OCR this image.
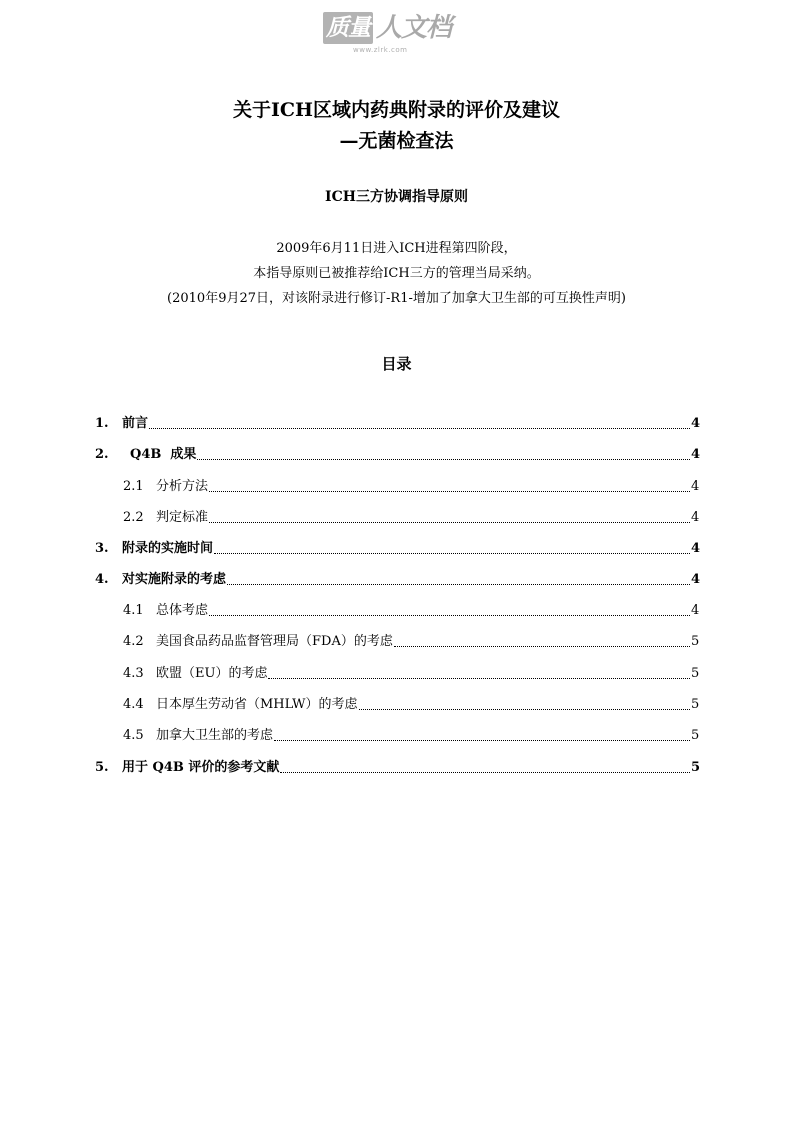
质量 人文档
www.zlrk.com
关于ICH区域内药典附录的评价及建议
—无菌检查法
ICH三方协调指导原则
2009年6月11日进入ICH进程第四阶段，
本指导原则已被推荐给ICH三方的管理当局采纳。
(2010年9月27日，对该附录进行修订-R1-增加了加拿大卫生部的可互换性声明)
目录
1.	前言	4
2.	Q4B  成果	4
2.1 分析方法	4
2.2 判定标准	4
3.	附录的实施时间	4
4.	对实施附录的考虑	4
4.1 总体考虑	4
4.2 美国食品药品监督管理局（FDA）的考虑	5
4.3 欧盟（EU）的考虑	5
4.4 日本厚生劳动省（MHLW）的考虑	5
4.5 加拿大卫生部的考虑	5
5.	用于 Q4B 评价的参考文献	5
